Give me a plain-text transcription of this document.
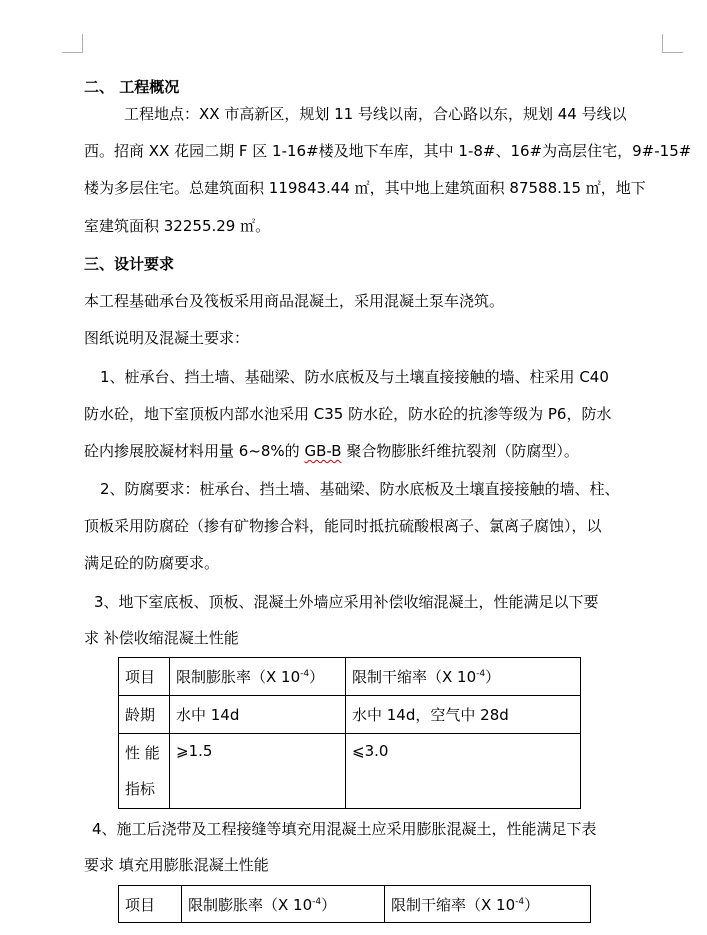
二、 工程概况
工程地点：XX 市高新区，规划 11 号线以南，合心路以东，规划 44 号线以
西。招商 XX 花园二期 F 区 1-16#楼及地下车库，其中 1-8#、16#为高层住宅，9#-15#
楼为多层住宅。总建筑面积 119843.44 ㎡，其中地上建筑面积 87588.15 ㎡，地下
室建筑面积 32255.29 ㎡。
三、设计要求
本工程基础承台及筏板采用商品混凝土，采用混凝土泵车浇筑。
图纸说明及混凝土要求：
1、桩承台、挡土墙、基础梁、防水底板及与土壤直接接触的墙、柱采用 C40
防水砼，地下室顶板内部水池采用 C35 防水砼，防水砼的抗渗等级为 P6，防水
砼内掺展胶凝材料用量 6~8%的 GB-B 聚合物膨胀纤维抗裂剂（防腐型）。
2、防腐要求：桩承台、挡土墙、基础梁、防水底板及土壤直接接触的墙、柱、
顶板采用防腐砼（掺有矿物掺合料，能同时抵抗硫酸根离子、氯离子腐蚀），以
满足砼的防腐要求。
3、地下室底板、顶板、混凝土外墙应采用补偿收缩混凝土，性能满足以下要
求 补偿收缩混凝土性能
项目	限制膨胀率（X $10^{-4}$）	限制干缩率（X $10^{-4}$）
龄期	水中 14d	水中 14d，空气中 28d

性 能
指标	⩾1.5	⩽3.0
4、施工后浇带及工程接缝等填充用混凝土应采用膨胀混凝土，性能满足下表
要求 填充用膨胀混凝土性能
项目	限制膨胀率（X $10^{-4}$）	限制干缩率（X $10^{-4}$）
